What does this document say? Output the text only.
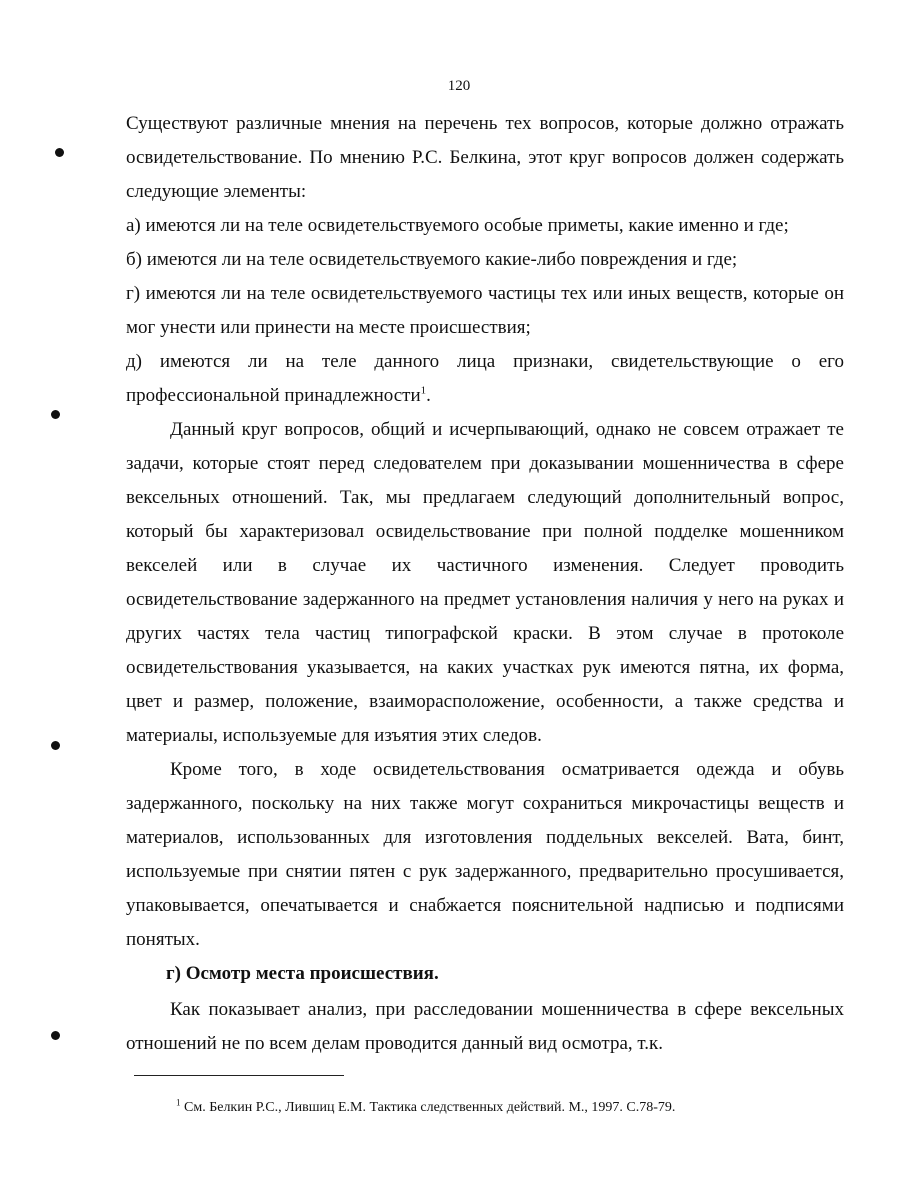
120

Существуют различные мнения на перечень тех вопросов, которые должно отражать освидетельствование. По мнению Р.С. Белкина, этот круг вопросов должен содержать следующие элементы:

а) имеются ли на теле освидетельствуемого особые приметы, какие именно и где;

б) имеются ли на теле освидетельствуемого какие-либо повреждения и где;

г) имеются ли на теле освидетельствуемого частицы тех или иных веществ, которые он мог унести или принести на месте происшествия;

д) имеются ли на теле данного лица признаки, свидетельствующие о его профессиональной принадлежности$^1$.

Данный круг вопросов, общий и исчерпывающий, однако не совсем отражает те задачи, которые стоят перед следователем при доказывании мошенничества в сфере вексельных отношений. Так, мы предлагаем следующий дополнительный вопрос, который бы характеризовал освидельствование при полной подделке мошенником векселей или в случае их частичного изменения. Следует проводить освидетельствование задержанного на предмет установления наличия у него на руках и других частях тела частиц типографской краски. В этом случае в протоколе освидетельствования указывается, на каких участках рук имеются пятна, их форма, цвет и размер, положение, взаиморасположение, особенности, а также средства и материалы, используемые для изъятия этих следов.

Кроме того, в ходе освидетельствования осматривается одежда и обувь задержанного, поскольку на них также могут сохраниться микрочастицы веществ и материалов, использованных для изготовления поддельных векселей. Вата, бинт, используемые при снятии пятен с рук задержанного, предварительно просушивается, упаковывается, опечатывается и снабжается пояснительной надписью и подписями понятых.

г) Осмотр места происшествия.

Как показывает анализ, при расследовании мошенничества в сфере вексельных отношений не по всем делам проводится данный вид осмотра, т.к.

$^1$ См. Белкин Р.С., Лившиц Е.М. Тактика следственных действий. М., 1997. С.78-79.
